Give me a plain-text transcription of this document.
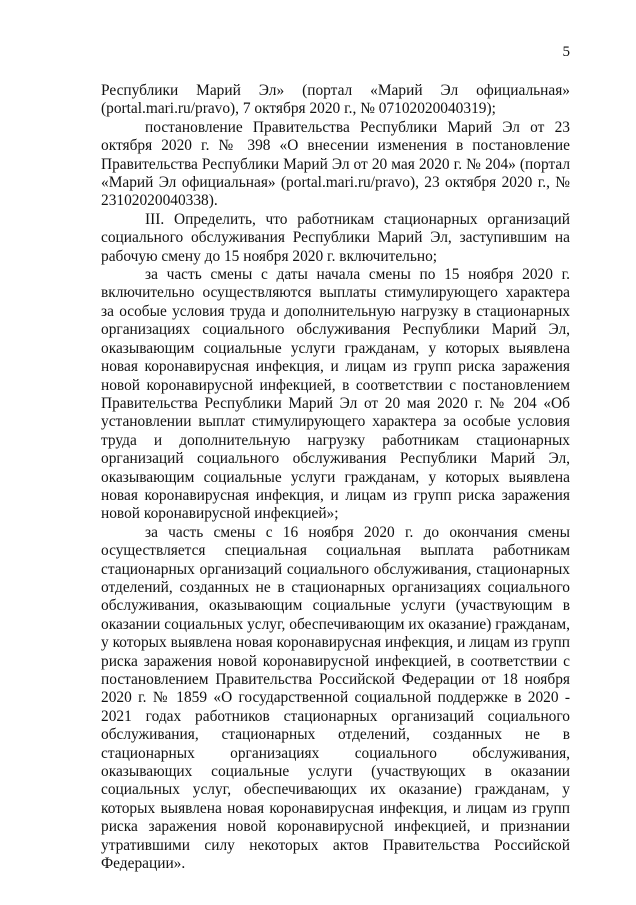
5

Республики Марий Эл» (портал «Марий Эл официальная» (portal.mari.ru/pravo), 7 октября 2020 г., № 07102020040319);

постановление Правительства Республики Марий Эл от 23 октября 2020 г. № 398 «О внесении изменения в постановление Правительства Республики Марий Эл от 20 мая 2020 г. № 204» (портал «Марий Эл официальная» (portal.mari.ru/pravo), 23 октября 2020 г., № 23102020040338).

III. Определить, что работникам стационарных организаций социального обслуживания Республики Марий Эл, заступившим на рабочую смену до 15 ноября 2020 г. включительно;

за часть смены с даты начала смены по 15 ноября 2020 г. включительно осуществляются выплаты стимулирующего характера за особые условия труда и дополнительную нагрузку в стационарных организациях социального обслуживания Республики Марий Эл, оказывающим социальные услуги гражданам, у которых выявлена новая коронавирусная инфекция, и лицам из групп риска заражения новой коронавирусной инфекцией, в соответствии с постановлением Правительства Республики Марий Эл от 20 мая 2020 г. № 204 «Об установлении выплат стимулирующего характера за особые условия труда и дополнительную нагрузку работникам стационарных организаций социального обслуживания Республики Марий Эл, оказывающим социальные услуги гражданам, у которых выявлена новая коронавирусная инфекция, и лицам из групп риска заражения новой коронавирусной инфекцией»;

за часть смены с 16 ноября 2020 г. до окончания смены осуществляется специальная социальная выплата работникам стационарных организаций социального обслуживания, стационарных отделений, созданных не в стационарных организациях социального обслуживания, оказывающим социальные услуги (участвующим в оказании социальных услуг, обеспечивающим их оказание) гражданам, у которых выявлена новая коронавирусная инфекция, и лицам из групп риска заражения новой коронавирусной инфекцией, в соответствии с постановлением Правительства Российской Федерации от 18 ноября 2020 г. № 1859 «О государственной социальной поддержке в 2020 - 2021 годах работников стационарных организаций социального обслуживания, стационарных отделений, созданных не в стационарных организациях социального обслуживания, оказывающих социальные услуги (участвующих в оказании социальных услуг, обеспечивающих их оказание) гражданам, у которых выявлена новая коронавирусная инфекция, и лицам из групп риска заражения новой коронавирусной инфекцией, и признании утратившими силу некоторых актов Правительства Российской Федерации».
